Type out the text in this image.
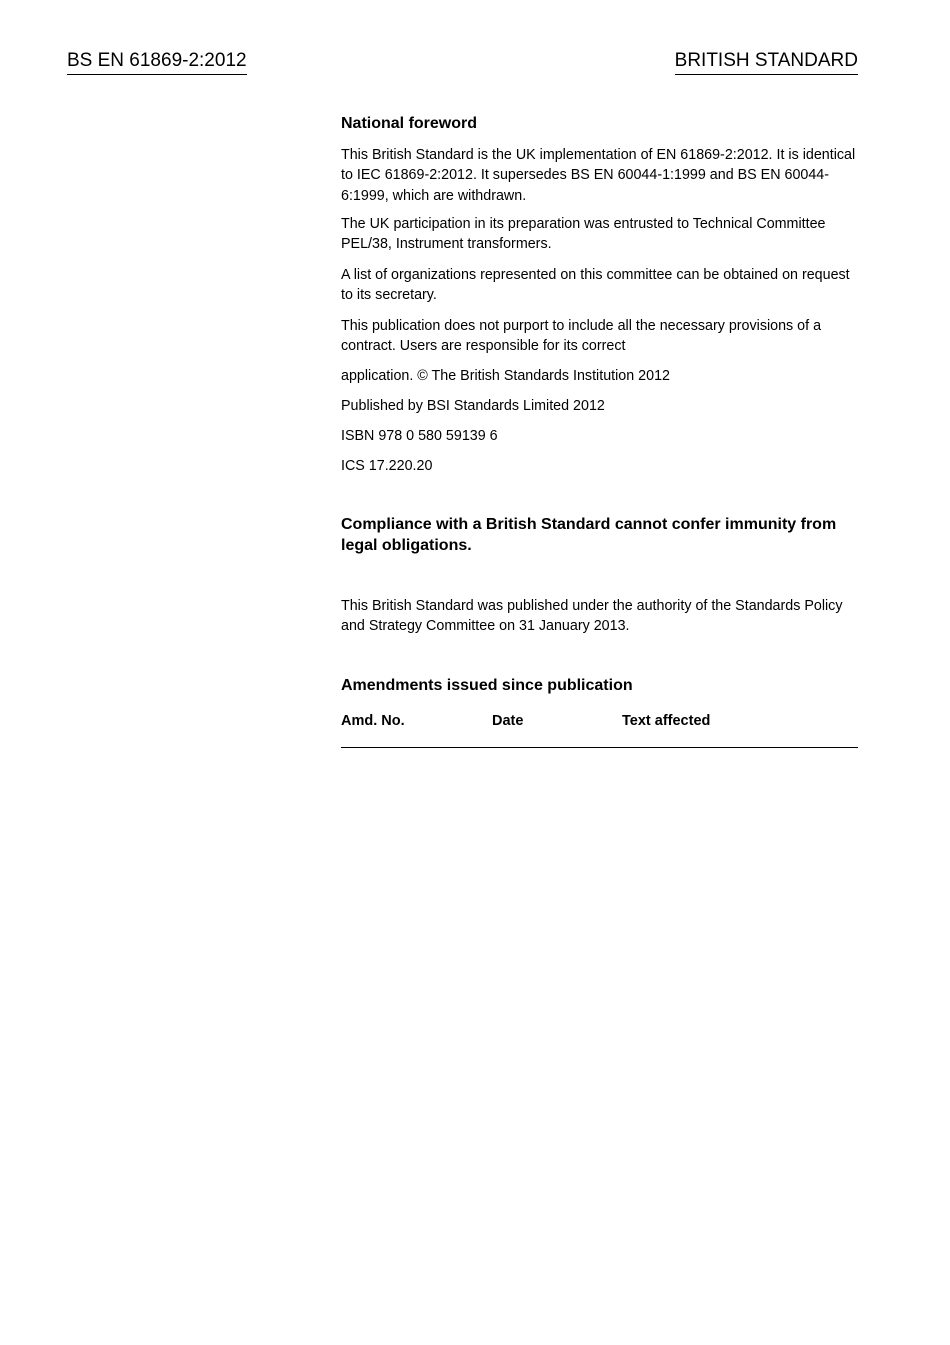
BS EN 61869-2:2012	BRITISH STANDARD
National foreword

This British Standard is the UK implementation of EN 61869-2:2012. It is identical to IEC 61869-2:2012. It supersedes BS EN 60044-1:1999 and BS EN 60044-6:1999, which are withdrawn.

The UK participation in its preparation was entrusted to Technical Committee PEL/38, Instrument transformers.

A list of organizations represented on this committee can be obtained on request to its secretary.

This publication does not purport to include all the necessary provisions of a contract. Users are responsible for its correct

application. © The British Standards Institution 2012

Published by BSI Standards Limited 2012

ISBN 978 0 580 59139 6

ICS 17.220.20

Compliance with a British Standard cannot confer immunity from legal obligations.

This British Standard was published under the authority of the Standards Policy and Strategy Committee on 31 January 2013.

Amendments issued since publication
Amd. No.	Date	Text affected
